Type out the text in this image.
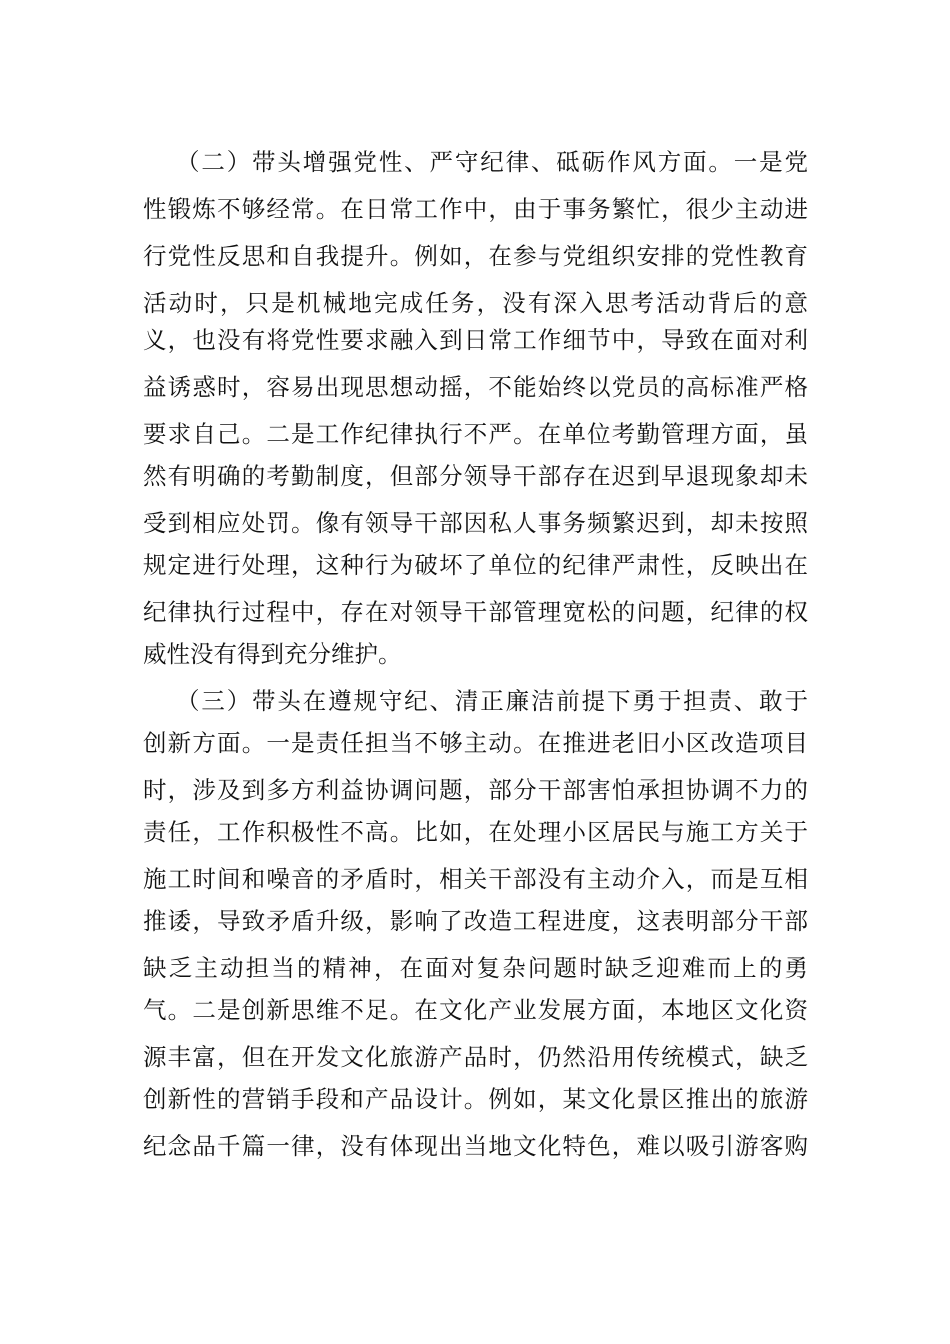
（二）带头增强党性、严守纪律、砥砺作风方面。一是党
性锻炼不够经常。在日常工作中，由于事务繁忙，很少主动进
行党性反思和自我提升。例如，在参与党组织安排的党性教育
活动时，只是机械地完成任务，没有深入思考活动背后的意
义，也没有将党性要求融入到日常工作细节中，导致在面对利
益诱惑时，容易出现思想动摇，不能始终以党员的高标准严格
要求自己。二是工作纪律执行不严。在单位考勤管理方面，虽
然有明确的考勤制度，但部分领导干部存在迟到早退现象却未
受到相应处罚。像有领导干部因私人事务频繁迟到，却未按照
规定进行处理，这种行为破坏了单位的纪律严肃性，反映出在
纪律执行过程中，存在对领导干部管理宽松的问题，纪律的权
威性没有得到充分维护。
（三）带头在遵规守纪、清正廉洁前提下勇于担责、敢于
创新方面。一是责任担当不够主动。在推进老旧小区改造项目
时，涉及到多方利益协调问题，部分干部害怕承担协调不力的
责任，工作积极性不高。比如，在处理小区居民与施工方关于
施工时间和噪音的矛盾时，相关干部没有主动介入，而是互相
推诿，导致矛盾升级，影响了改造工程进度，这表明部分干部
缺乏主动担当的精神，在面对复杂问题时缺乏迎难而上的勇
气。二是创新思维不足。在文化产业发展方面，本地区文化资
源丰富，但在开发文化旅游产品时，仍然沿用传统模式，缺乏
创新性的营销手段和产品设计。例如，某文化景区推出的旅游
纪念品千篇一律，没有体现出当地文化特色，难以吸引游客购
